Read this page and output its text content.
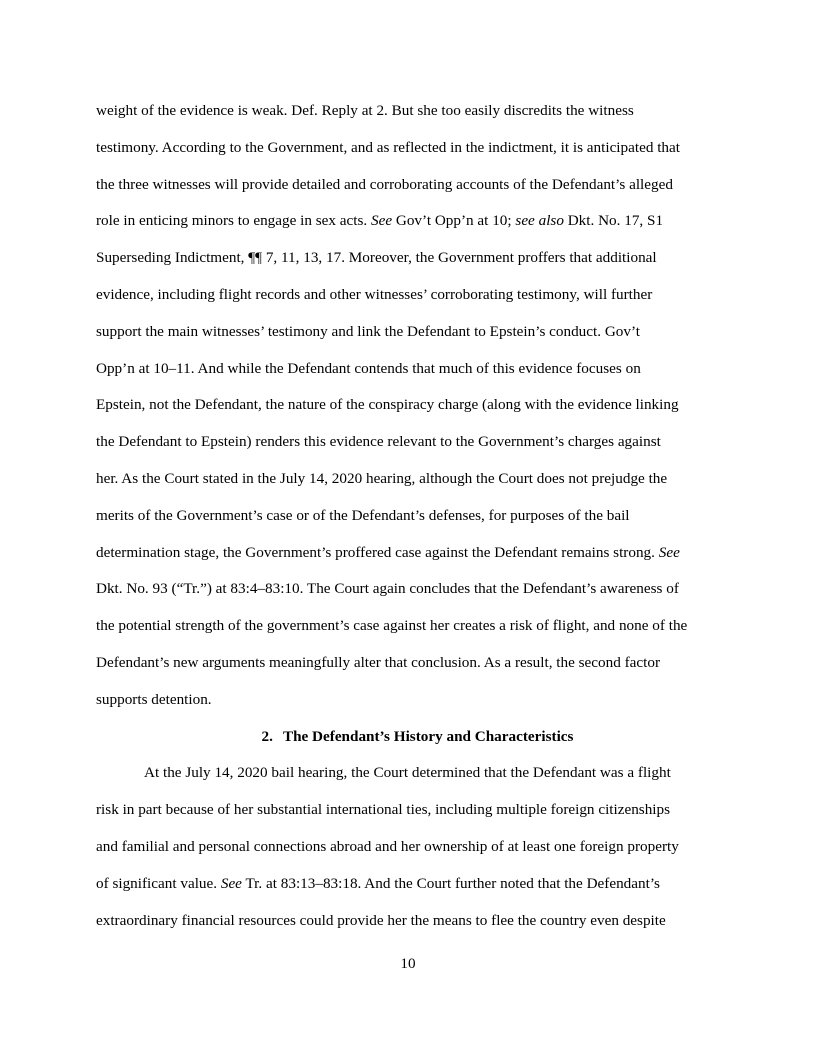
weight of the evidence is weak. Def. Reply at 2. But she too easily discredits the witness
testimony. According to the Government, and as reflected in the indictment, it is anticipated that
the three witnesses will provide detailed and corroborating accounts of the Defendant’s alleged
role in enticing minors to engage in sex acts. See Gov’t Opp’n at 10; see also Dkt. No. 17, S1
Superseding Indictment, ¶¶ 7, 11, 13, 17. Moreover, the Government proffers that additional
evidence, including flight records and other witnesses’ corroborating testimony, will further
support the main witnesses’ testimony and link the Defendant to Epstein’s conduct. Gov’t
Opp’n at 10–11. And while the Defendant contends that much of this evidence focuses on
Epstein, not the Defendant, the nature of the conspiracy charge (along with the evidence linking
the Defendant to Epstein) renders this evidence relevant to the Government’s charges against
her. As the Court stated in the July 14, 2020 hearing, although the Court does not prejudge the
merits of the Government’s case or of the Defendant’s defenses, for purposes of the bail
determination stage, the Government’s proffered case against the Defendant remains strong. See
Dkt. No. 93 (“Tr.”) at 83:4–83:10. The Court again concludes that the Defendant’s awareness of
the potential strength of the government’s case against her creates a risk of flight, and none of the
Defendant’s new arguments meaningfully alter that conclusion. As a result, the second factor
supports detention.
2. The Defendant’s History and Characteristics
At the July 14, 2020 bail hearing, the Court determined that the Defendant was a flight
risk in part because of her substantial international ties, including multiple foreign citizenships
and familial and personal connections abroad and her ownership of at least one foreign property
of significant value. See Tr. at 83:13–83:18. And the Court further noted that the Defendant’s
extraordinary financial resources could provide her the means to flee the country even despite
10
